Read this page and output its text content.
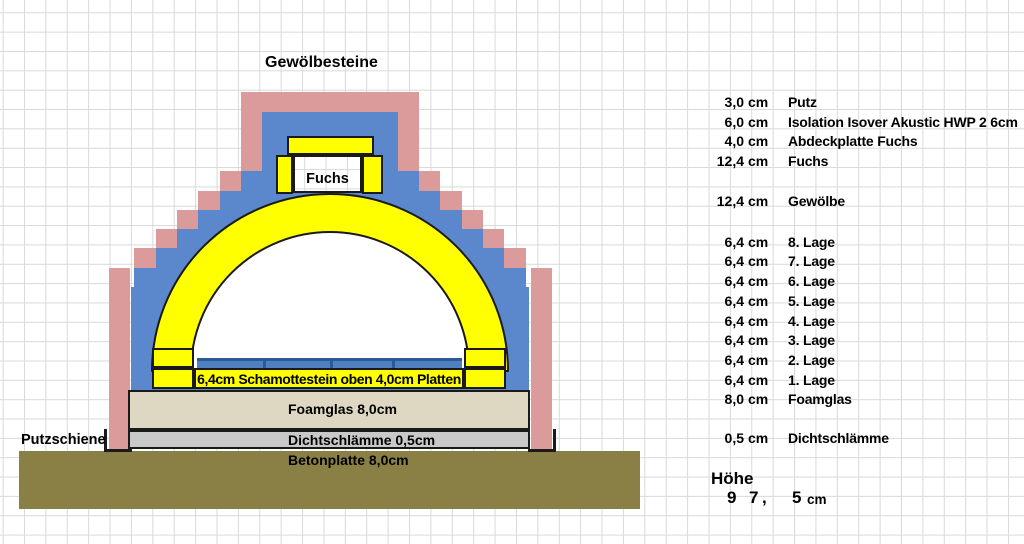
Gewölbesteine
Betonplatte 8,0cm
6,4cm Schamottestein oben 4,0cm Platten
Foamglas 8,0cm
Dichtschlämme 0,5cm
Fuchs
Putzschiene
3,0 cm Putz
6,0 cm Isolation Isover Akustic HWP 2 6cm
4,0 cm Abdeckplatte Fuchs
12,4 cm Fuchs
12,4 cm Gewölbe
6,4 cm 8. Lage
6,4 cm 7. Lage
6,4 cm 6. Lage
6,4 cm 5. Lage
6,4 cm 4. Lage
6,4 cm 3. Lage
6,4 cm 2. Lage
6,4 cm 1. Lage
8,0 cm Foamglas
0,5 cm Dichtschlämme
Höhe
9 7 , 5 cm
